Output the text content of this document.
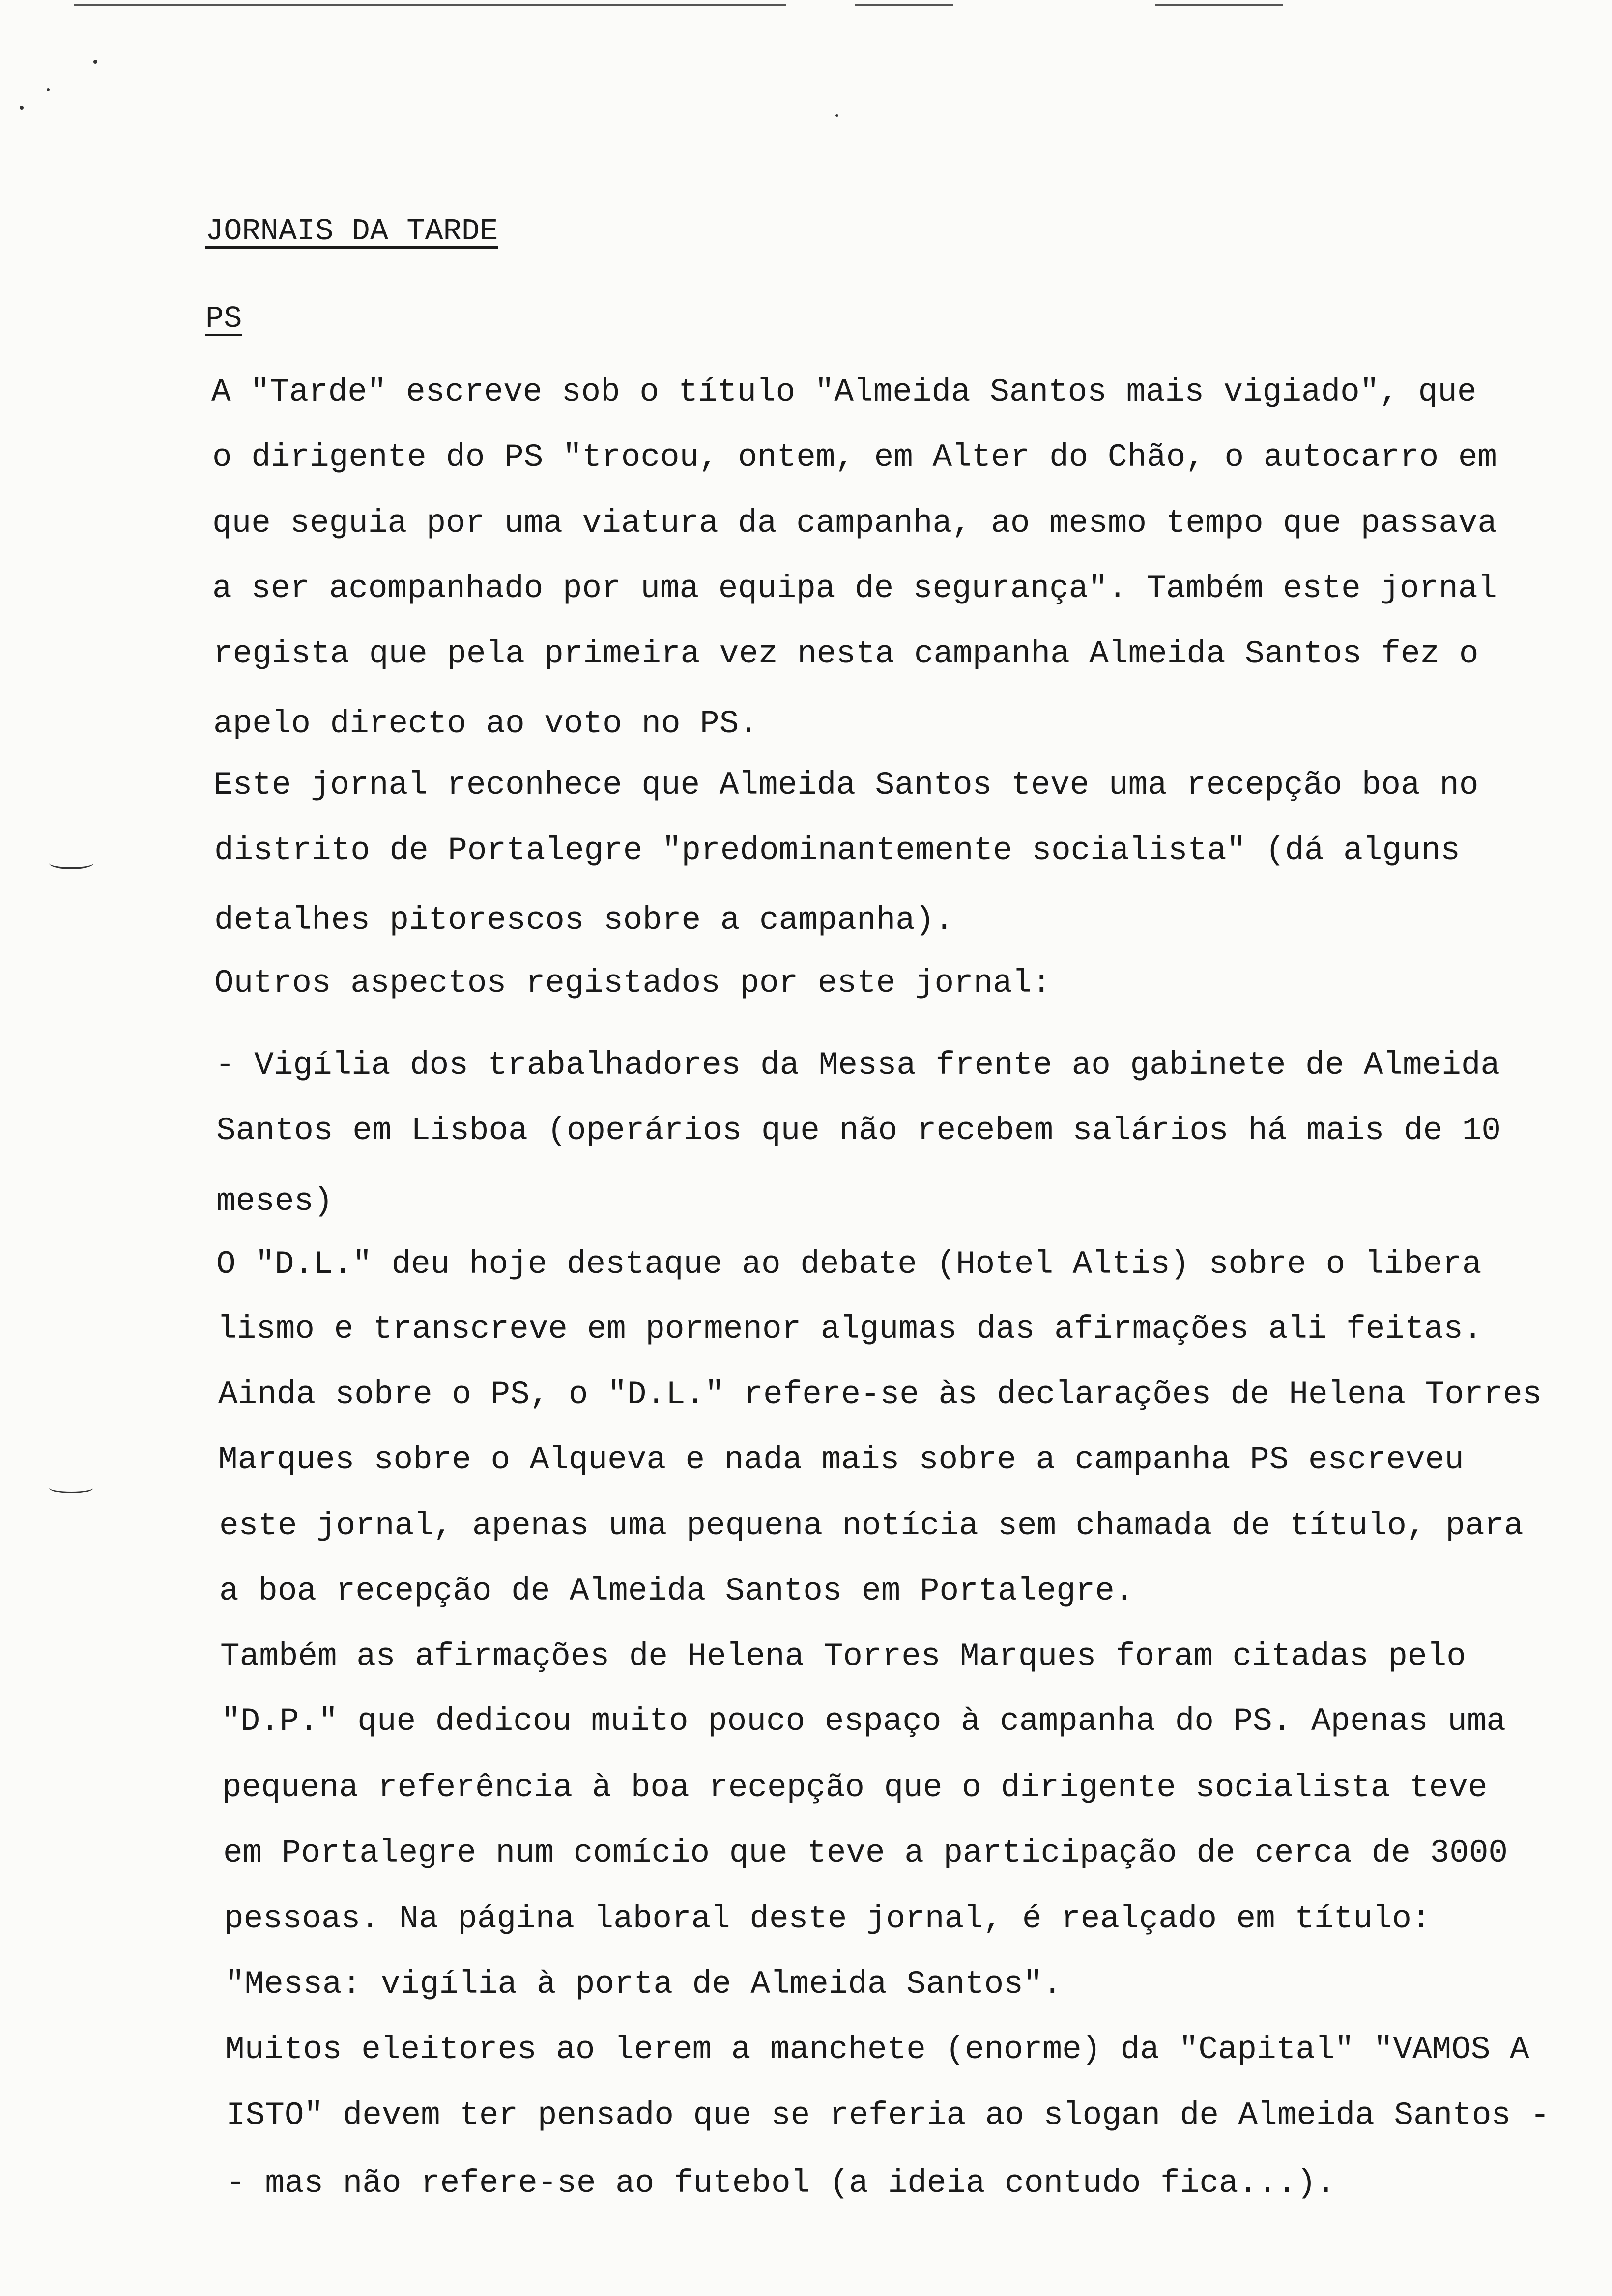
JORNAIS DA TARDE
PS
A "Tarde" escreve sob o título "Almeida Santos mais vigiado", que
o dirigente do PS "trocou, ontem, em Alter do Chão, o autocarro em
que seguia por uma viatura da campanha, ao mesmo tempo que passava
a ser acompanhado por uma equipa de segurança". Também este jornal
regista que pela primeira vez nesta campanha Almeida Santos fez o
apelo directo ao voto no PS.
Este jornal reconhece que Almeida Santos teve uma recepção boa no
distrito de Portalegre "predominantemente socialista" (dá alguns
detalhes pitorescos sobre a campanha).
Outros aspectos registados por este jornal:
- Vigília dos trabalhadores da Messa frente ao gabinete de Almeida
Santos em Lisboa (operários que não recebem salários há mais de 10
meses)
O "D.L." deu hoje destaque ao debate (Hotel Altis) sobre o libera
lismo e transcreve em pormenor algumas das afirmações ali feitas.
Ainda sobre o PS, o "D.L." refere-se às declarações de Helena Torres
Marques sobre o Alqueva e nada mais sobre a campanha PS escreveu
este jornal, apenas uma pequena notícia sem chamada de título, para
a boa recepção de Almeida Santos em Portalegre.
Também as afirmações de Helena Torres Marques foram citadas pelo
"D.P." que dedicou muito pouco espaço à campanha do PS. Apenas uma
pequena referência à boa recepção que o dirigente socialista teve
em Portalegre num comício que teve a participação de cerca de 3000
pessoas. Na página laboral deste jornal, é realçado em título:
"Messa: vigília à porta de Almeida Santos".
Muitos eleitores ao lerem a manchete (enorme) da "Capital" "VAMOS A
ISTO" devem ter pensado que se referia ao slogan de Almeida Santos -
- mas não refere-se ao futebol (a ideia contudo fica...).
